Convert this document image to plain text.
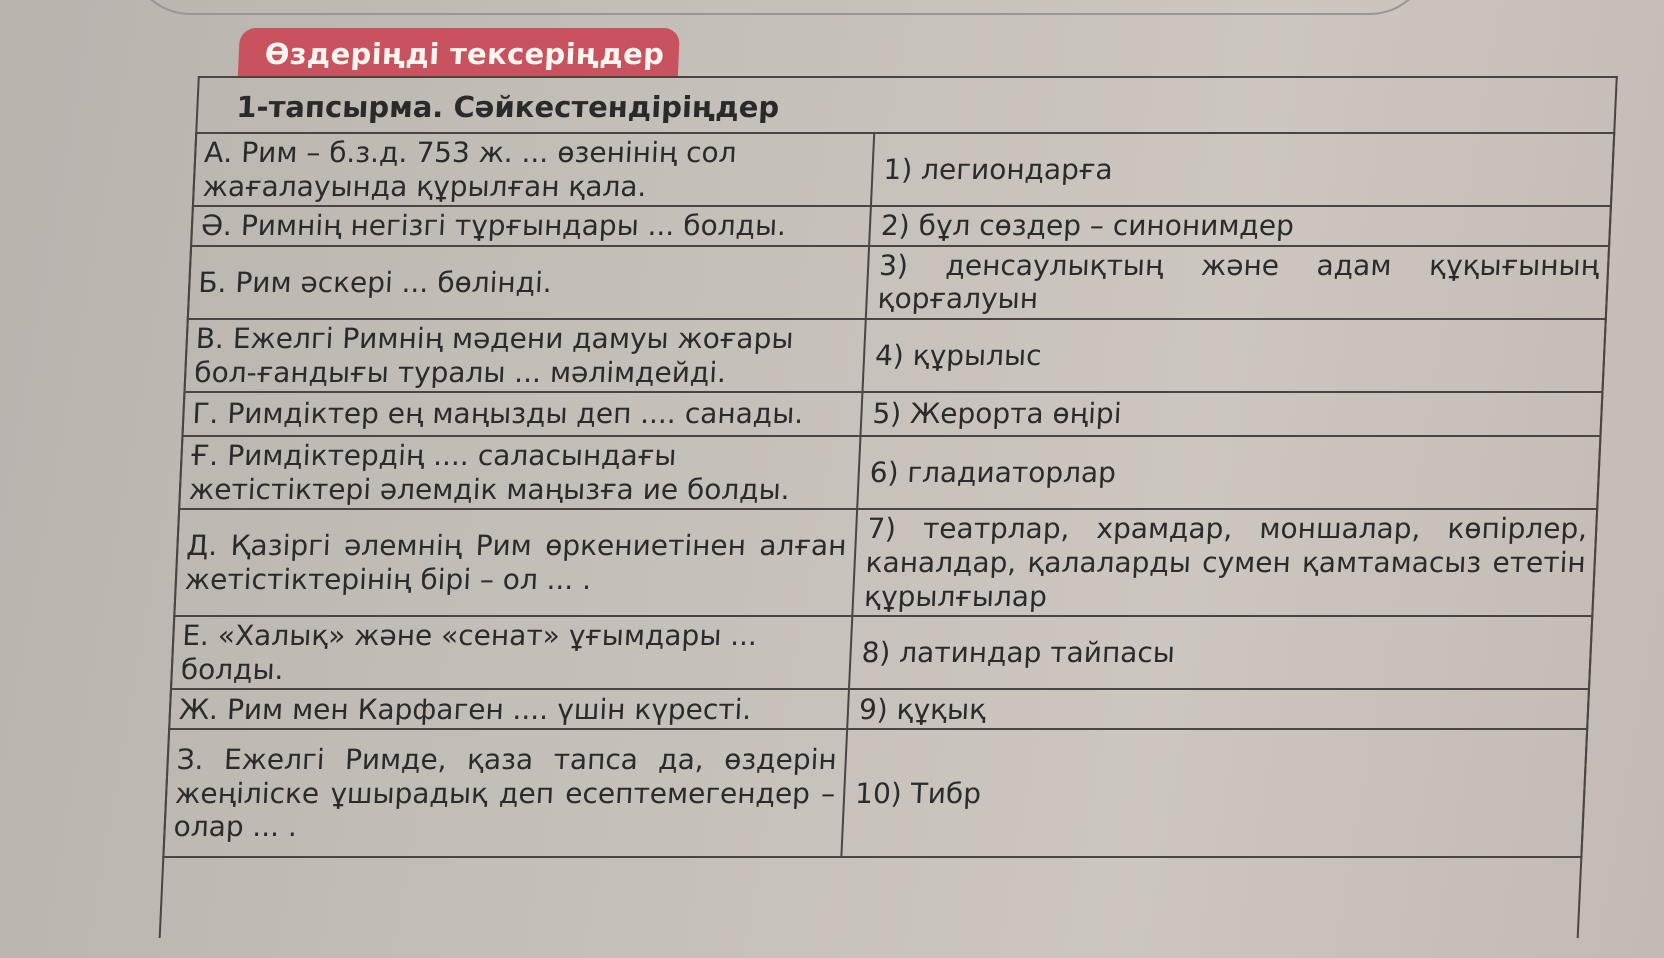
Өздеріңді тексеріңдер
1-тапсырма. Сәйкестендіріңдер
А. Рим – б.з.д. 753 ж. ... өзенінің сол жағалауында құрылған қала.	1) легиондарға
Ә. Римнің негізгі тұрғындары ... болды.	2) бұл сөздер – синонимдер
Б. Рим әскері ... бөлінді.	3) денсаулықтың және адам құқығының қорғалуын
В. Ежелгі Римнің мәдени дамуы жоғары бол-ғандығы туралы ... мәлімдейді.	4) құрылыс
Г. Римдіктер ең маңызды деп .... санады.	5) Жерорта өңірі
Ғ. Римдіктердің .... саласындағы жетістіктері әлемдік маңызға ие болды.	6) гладиаторлар
Д. Қазіргі әлемнің Рим өркениетінен алған жетістіктерінің бірі – ол ... .	7) театрлар, храмдар, моншалар, көпірлер, каналдар, қалаларды сумен қамтамасыз ететін құрылғылар
Е. «Халық» және «сенат» ұғымдары ... болды.	8) латиндар тайпасы
Ж. Рим мен Карфаген .... үшін күресті.	9) құқық
З. Ежелгі Римде, қаза тапса да, өздерін жеңіліске ұшырадық деп есептемегендер – олар ... .	10) Тибр
